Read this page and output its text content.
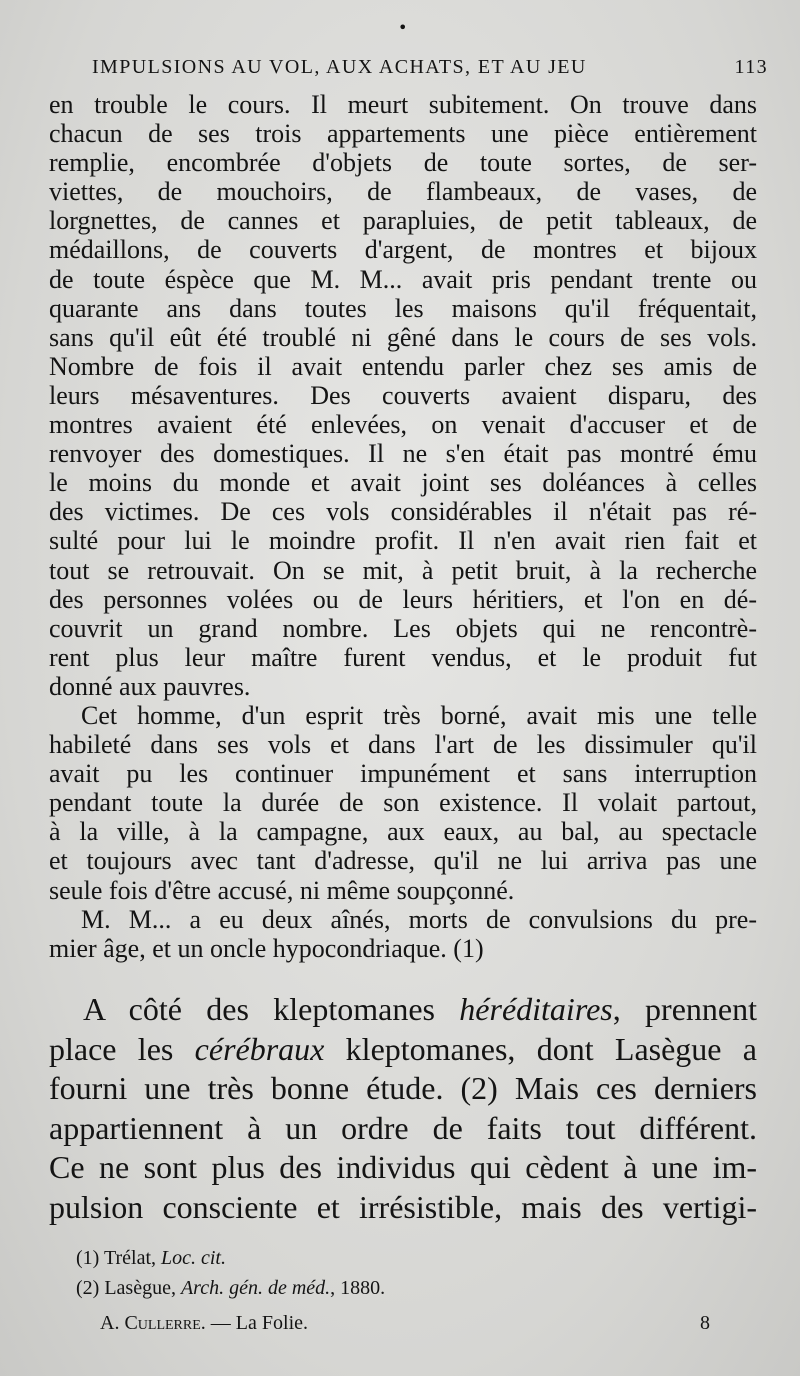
•
IMPULSIONS AU VOL, AUX ACHATS, ET AU JEU	113
en trouble le cours. Il meurt subitement. On trouve dans
chacun de ses trois appartements une pièce entièrement
remplie, encombrée d'objets de toute sortes, de ser-
viettes, de mouchoirs, de flambeaux, de vases, de
lorgnettes, de cannes et parapluies, de petit tableaux, de
médaillons, de couverts d'argent, de montres et bijoux
de toute éspèce que M. M... avait pris pendant trente ou
quarante ans dans toutes les maisons qu'il fréquentait,
sans qu'il eût été troublé ni gêné dans le cours de ses vols.
Nombre de fois il avait entendu parler chez ses amis de
leurs mésaventures. Des couverts avaient disparu, des
montres avaient été enlevées, on venait d'accuser et de
renvoyer des domestiques. Il ne s'en était pas montré ému
le moins du monde et avait joint ses doléances à celles
des victimes. De ces vols considérables il n'était pas ré-
sulté pour lui le moindre profit. Il n'en avait rien fait et
tout se retrouvait. On se mit, à petit bruit, à la recherche
des personnes volées ou de leurs héritiers, et l'on en dé-
couvrit un grand nombre. Les objets qui ne rencontrè-
rent plus leur maître furent vendus, et le produit fut
donné aux pauvres.
Cet homme, d'un esprit très borné, avait mis une telle
habileté dans ses vols et dans l'art de les dissimuler qu'il
avait pu les continuer impunément et sans interruption
pendant toute la durée de son existence. Il volait partout,
à la ville, à la campagne, aux eaux, au bal, au spectacle
et toujours avec tant d'adresse, qu'il ne lui arriva pas une
seule fois d'être accusé, ni même soupçonné.
M. M... a eu deux aînés, morts de convulsions du pre-
mier âge, et un oncle hypocondriaque. (1)
A côté des kleptomanes héréditaires, prennent
place les cérébraux kleptomanes, dont Lasègue a
fourni une très bonne étude. (2) Mais ces derniers
appartiennent à un ordre de faits tout différent.
Ce ne sont plus des individus qui cèdent à une im-
pulsion consciente et irrésistible, mais des vertigi-
(1) Trélat, Loc. cit.
(2) Lasègue, Arch. gén. de méd., 1880.
A. Cullerre. — La Folie.	8
